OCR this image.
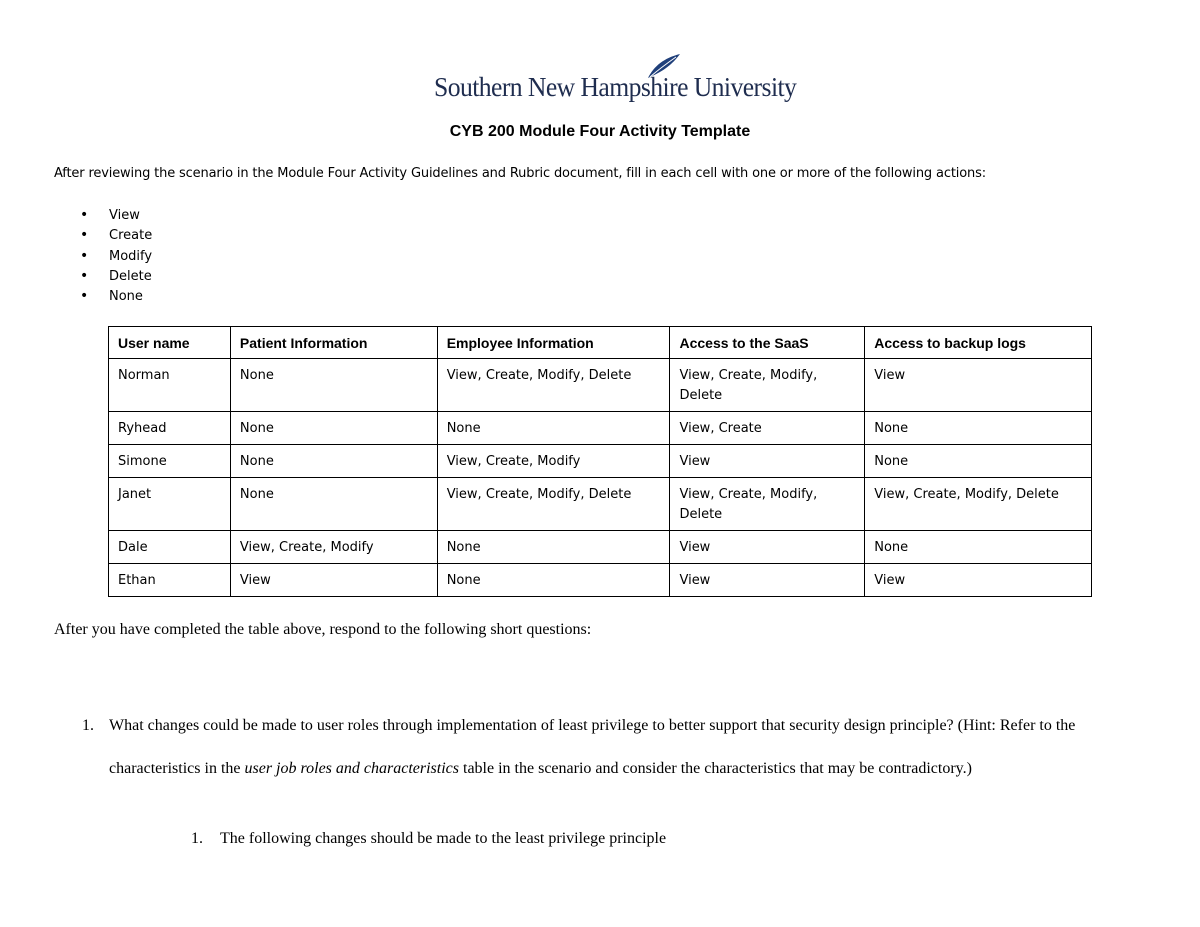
Southern New Hampshire University
CYB 200 Module Four Activity Template
After reviewing the scenario in the Module Four Activity Guidelines and Rubric document, fill in each cell with one or more of the following actions:
• View
• Create
• Modify
• Delete
• None
User name	Patient Information	Employee Information	Access to the SaaS	Access to backup logs
Norman	None	View, Create, Modify, Delete	View, Create, Modify, Delete	View
Ryhead	None	None	View, Create	None
Simone	None	View, Create, Modify	View	None
Janet	None	View, Create, Modify, Delete	View, Create, Modify, Delete	View, Create, Modify, Delete
Dale	View, Create, Modify	None	View	None
Ethan	View	None	View	View
After you have completed the table above, respond to the following short questions:
1. What changes could be made to user roles through implementation of least privilege to better support that security design principle? (Hint: Refer to the characteristics in the user job roles and characteristics table in the scenario and consider the characteristics that may be contradictory.)
1. The following changes should be made to the least privilege principle
